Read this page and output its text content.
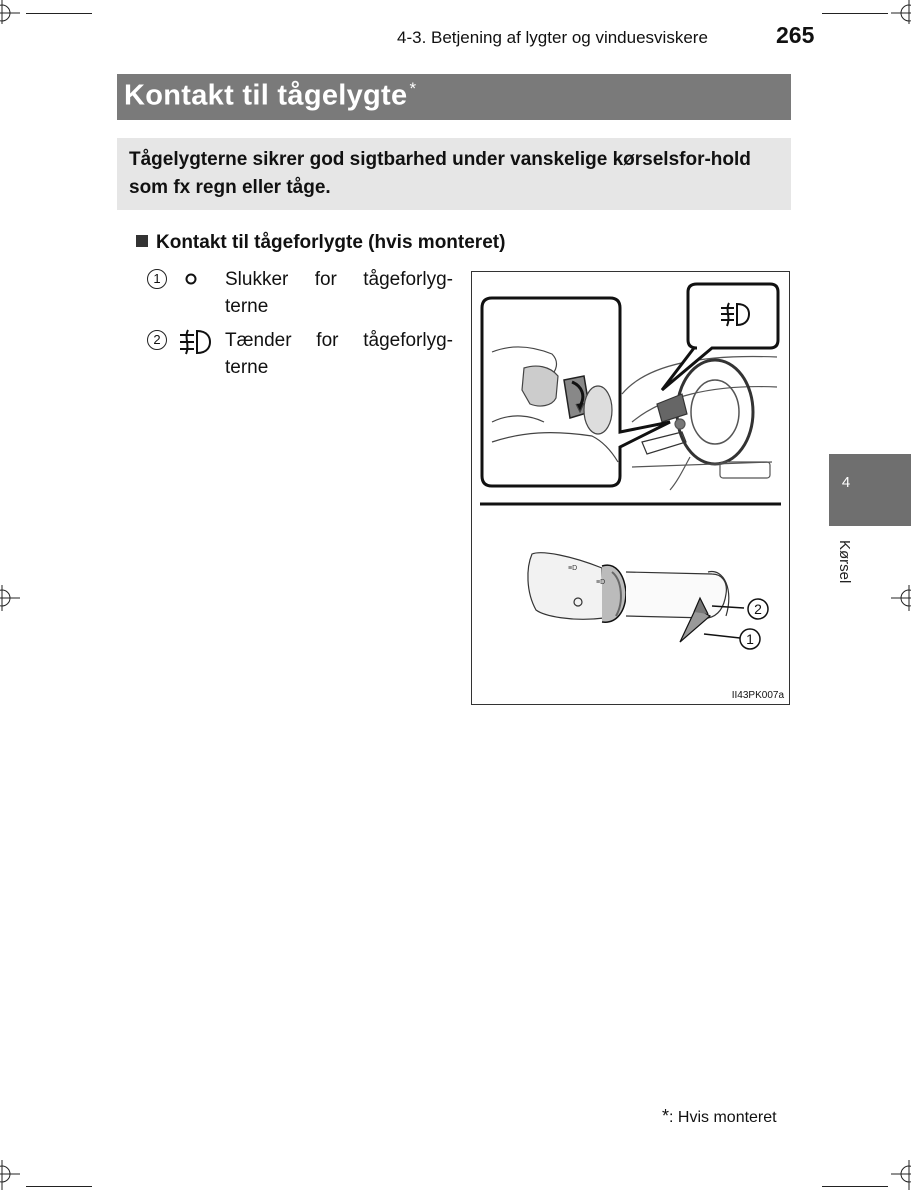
4-3. Betjening af lygter og vinduesviskere	265
Kontakt til tågelygte *
Tågelygterne sikrer god sigtbarhed under vanskelige kørselsfor-hold som fx regn eller tåge.
Kontakt til tågeforlygte (hvis monteret)
1	Slukker for tågeforlyg-terne
2	Tænder for tågeforlyg-terne
≡D
≡D
2
1
II43PK007a
4
Kørsel
*: Hvis monteret
